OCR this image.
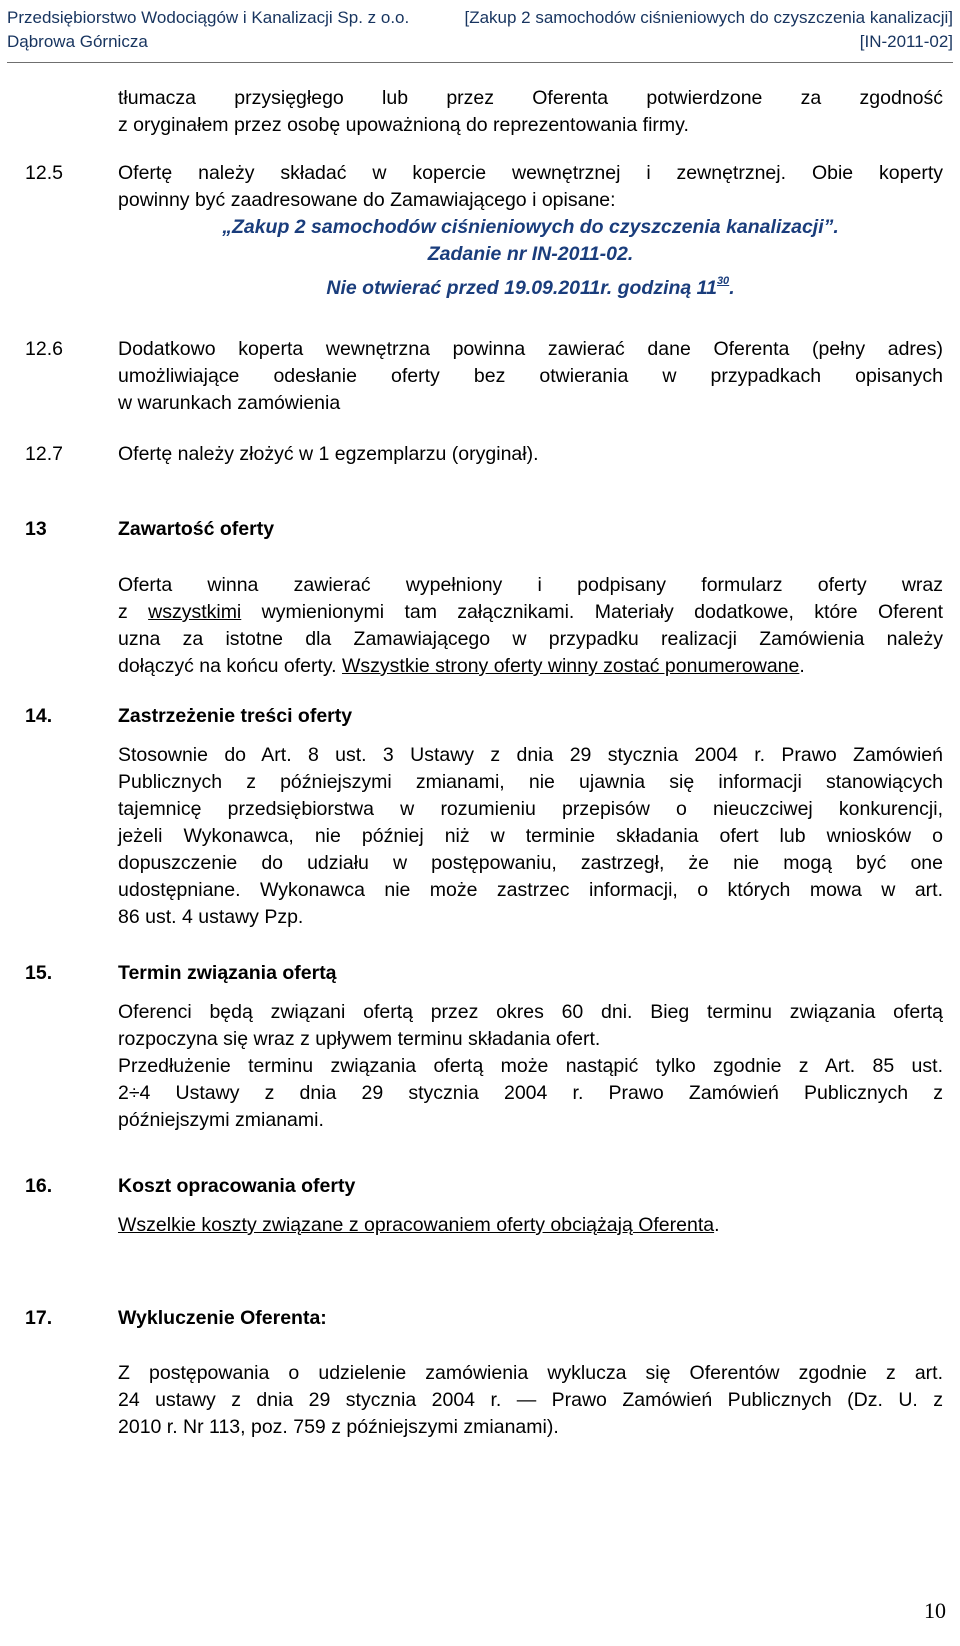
Przedsiębiorstwo Wodociągów i Kanalizacji Sp. z o.o.
Dąbrowa Górnicza
[Zakup 2 samochodów ciśnieniowych do czyszczenia kanalizacji]
[IN-2011-02]
tłumacza przysięgłego lub przez Oferenta potwierdzone za zgodność
z oryginałem przez osobę upoważnioną do reprezentowania firmy.
12.5	Ofertę należy składać w kopercie wewnętrznej i zewnętrznej. Obie koperty
powinny być zaadresowane do Zamawiającego i opisane:
„Zakup 2 samochodów ciśnieniowych do czyszczenia kanalizacji”.
Zadanie nr IN-2011-02.
Nie otwierać przed 19.09.2011r. godziną $11^{30}$.
12.6	Dodatkowo koperta wewnętrzna powinna zawierać dane Oferenta (pełny adres)
umożliwiające odesłanie oferty bez otwierania w przypadkach opisanych
w warunkach zamówienia
12.7	Ofertę należy złożyć w 1 egzemplarzu (oryginał).
13	Zawartość oferty
Oferta winna zawierać wypełniony i podpisany formularz oferty wraz
z wszystkimi wymienionymi tam załącznikami. Materiały dodatkowe, które Oferent
uzna za istotne dla Zamawiającego w przypadku realizacji Zamówienia należy
dołączyć na końcu oferty. Wszystkie strony oferty winny zostać ponumerowane.
14.	Zastrzeżenie treści oferty
Stosownie do Art. 8 ust. 3 Ustawy z dnia 29 stycznia 2004 r. Prawo Zamówień
Publicznych z późniejszymi zmianami, nie ujawnia się informacji stanowiących
tajemnicę przedsiębiorstwa w rozumieniu przepisów o nieuczciwej konkurencji,
jeżeli Wykonawca, nie później niż w terminie składania ofert lub wniosków o
dopuszczenie do udziału w postępowaniu, zastrzegł, że nie mogą być one
udostępniane. Wykonawca nie może zastrzec informacji, o których mowa w art.
86 ust. 4 ustawy Pzp.
15.	Termin związania ofertą
Oferenci będą związani ofertą przez okres 60 dni. Bieg terminu związania ofertą
rozpoczyna się wraz z upływem terminu składania ofert.
Przedłużenie terminu związania ofertą może nastąpić tylko zgodnie z Art. 85 ust.
2÷4 Ustawy z dnia 29 stycznia 2004 r. Prawo Zamówień Publicznych z
późniejszymi zmianami.
16.	Koszt opracowania oferty
Wszelkie koszty związane z opracowaniem oferty obciążają Oferenta.
17.	Wykluczenie Oferenta:
Z postępowania o udzielenie zamówienia wyklucza się Oferentów zgodnie z art.
24 ustawy z dnia 29 stycznia 2004 r. — Prawo Zamówień Publicznych (Dz. U. z
2010 r. Nr 113, poz. 759 z późniejszymi zmianami).
10
